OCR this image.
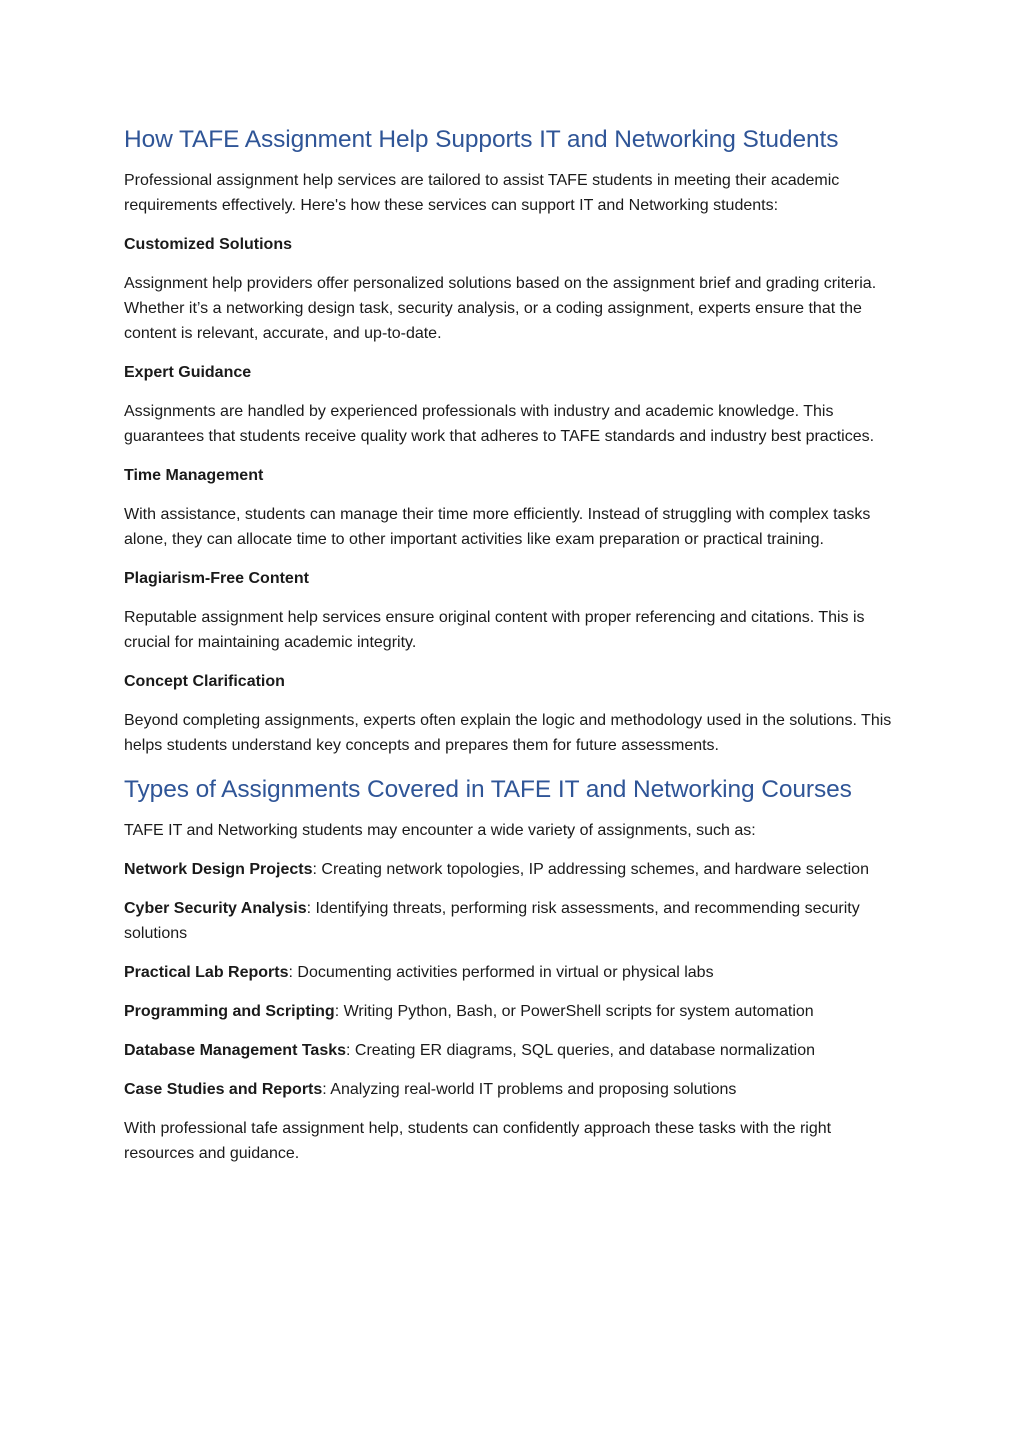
How TAFE Assignment Help Supports IT and Networking Students

Professional assignment help services are tailored to assist TAFE students in meeting their academic requirements effectively. Here's how these services can support IT and Networking students:

Customized Solutions

Assignment help providers offer personalized solutions based on the assignment brief and grading criteria. Whether it’s a networking design task, security analysis, or a coding assignment, experts ensure that the content is relevant, accurate, and up-to-date.

Expert Guidance

Assignments are handled by experienced professionals with industry and academic knowledge. This guarantees that students receive quality work that adheres to TAFE standards and industry best practices.

Time Management

With assistance, students can manage their time more efficiently. Instead of struggling with complex tasks alone, they can allocate time to other important activities like exam preparation or practical training.

Plagiarism-Free Content

Reputable assignment help services ensure original content with proper referencing and citations. This is crucial for maintaining academic integrity.

Concept Clarification

Beyond completing assignments, experts often explain the logic and methodology used in the solutions. This helps students understand key concepts and prepares them for future assessments.

Types of Assignments Covered in TAFE IT and Networking Courses

TAFE IT and Networking students may encounter a wide variety of assignments, such as:

Network Design Projects: Creating network topologies, IP addressing schemes, and hardware selection

Cyber Security Analysis: Identifying threats, performing risk assessments, and recommending security solutions

Practical Lab Reports: Documenting activities performed in virtual or physical labs

Programming and Scripting: Writing Python, Bash, or PowerShell scripts for system automation

Database Management Tasks: Creating ER diagrams, SQL queries, and database normalization

Case Studies and Reports: Analyzing real-world IT problems and proposing solutions

With professional tafe assignment help, students can confidently approach these tasks with the right resources and guidance.
